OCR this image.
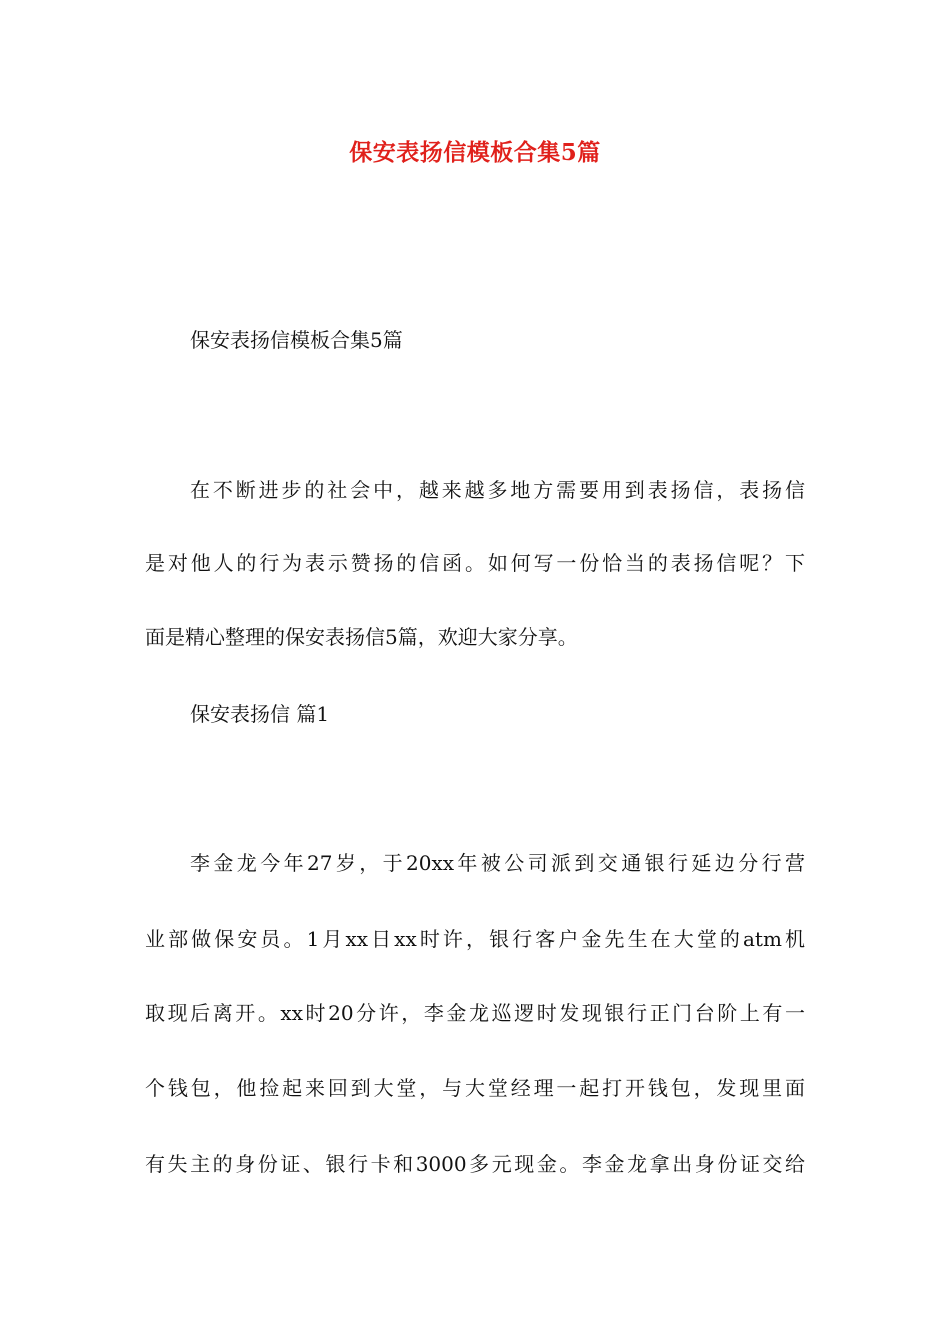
保安表扬信模板合集5篇
保安表扬信模板合集5篇
在不断进步的社会中，越来越多地方需要用到表扬信，表扬信
是对他人的行为表示赞扬的信函。如何写一份恰当的表扬信呢？下
面是精心整理的保安表扬信5篇，欢迎大家分享。
保安表扬信 篇1
李金龙今年27岁，于20xx年被公司派到交通银行延边分行营
业部做保安员。1月xx日xx时许，银行客户金先生在大堂的atm机
取现后离开。xx时20分许，李金龙巡逻时发现银行正门台阶上有一
个钱包，他捡起来回到大堂，与大堂经理一起打开钱包，发现里面
有失主的身份证、银行卡和3000多元现金。李金龙拿出身份证交给
